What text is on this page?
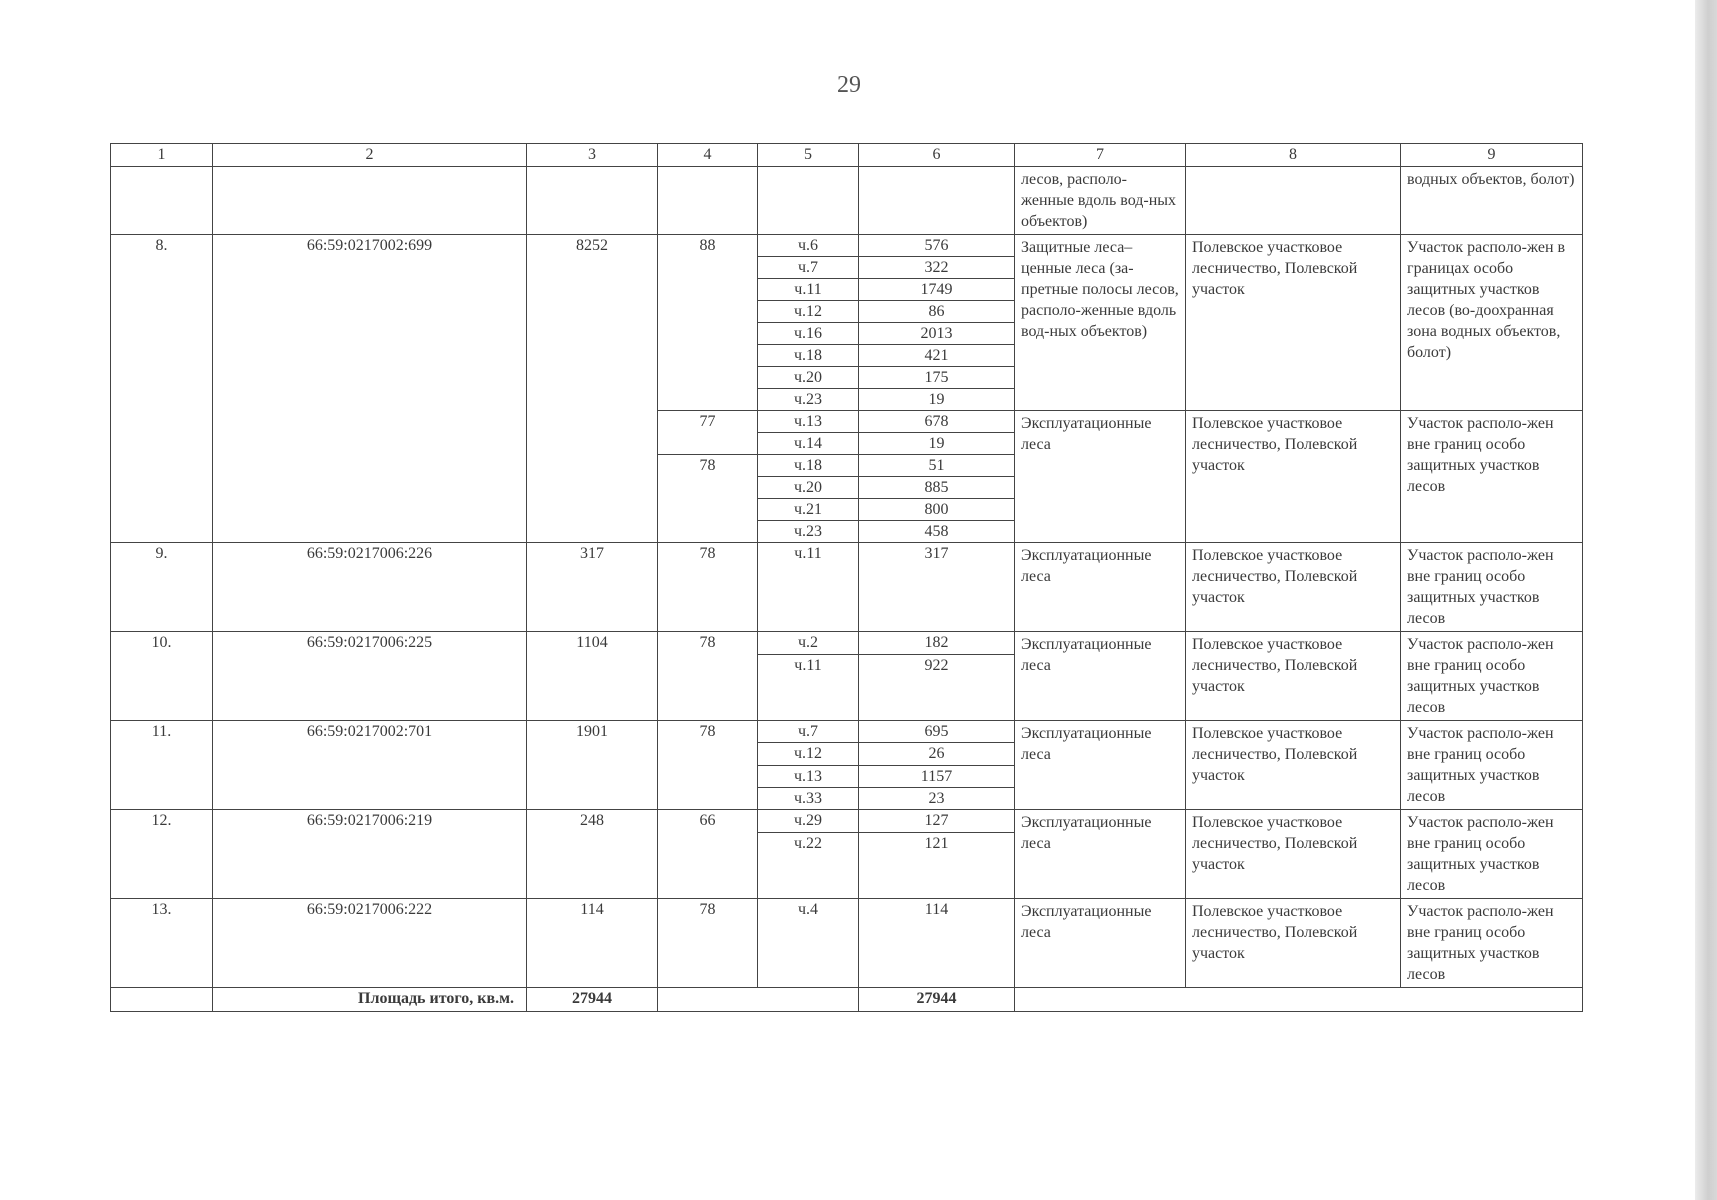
29
1	2	3	4	5	6	7	8	9
						лесов, располо-женные вдоль вод-ных объектов)		водных объектов, болот)
8.	66:59:0217002:699	8252	88	ч.6	576	Защитные леса– ценные леса (за-претные полосы лесов, располо-женные вдоль вод-ных объектов)	Полевское участковое лесничество, Полевской участок	Участок располо-жен в границах особо защитных участков лесов (во-доохранная зона водных объектов, болот)
				ч.7	322			
				ч.11	1749			
				ч.12	86			
				ч.16	2013			
				ч.18	421			
				ч.20	175			
				ч.23	19			
			77	ч.13	678	Эксплуатационные леса	Полевское участковое лесничество, Полевской участок	Участок располо-жен вне границ особо защитных участков лесов
				ч.14	19			
			78	ч.18	51			
				ч.20	885			
				ч.21	800			
				ч.23	458			
9.	66:59:0217006:226	317	78	ч.11	317	Эксплуатационные леса	Полевское участковое лесничество, Полевской участок	Участок располо-жен вне границ особо защитных участков лесов
10.	66:59:0217006:225	1104	78	ч.2	182	Эксплуатационные леса	Полевское участковое лесничество, Полевской участок	Участок располо-жен вне границ особо защитных участков лесов
				ч.11	922			
11.	66:59:0217002:701	1901	78	ч.7	695	Эксплуатационные леса	Полевское участковое лесничество, Полевской участок	Участок располо-жен вне границ особо защитных участков лесов
				ч.12	26			
				ч.13	1157			
				ч.33	23			
12.	66:59:0217006:219	248	66	ч.29	127	Эксплуатационные леса	Полевское участковое лесничество, Полевской участок	Участок располо-жен вне границ особо защитных участков лесов
				ч.22	121			
13.	66:59:0217006:222	114	78	ч.4	114	Эксплуатационные леса	Полевское участковое лесничество, Полевской участок	Участок располо-жен вне границ особо защитных участков лесов
	Площадь итого, кв.м.	27944			27944			
